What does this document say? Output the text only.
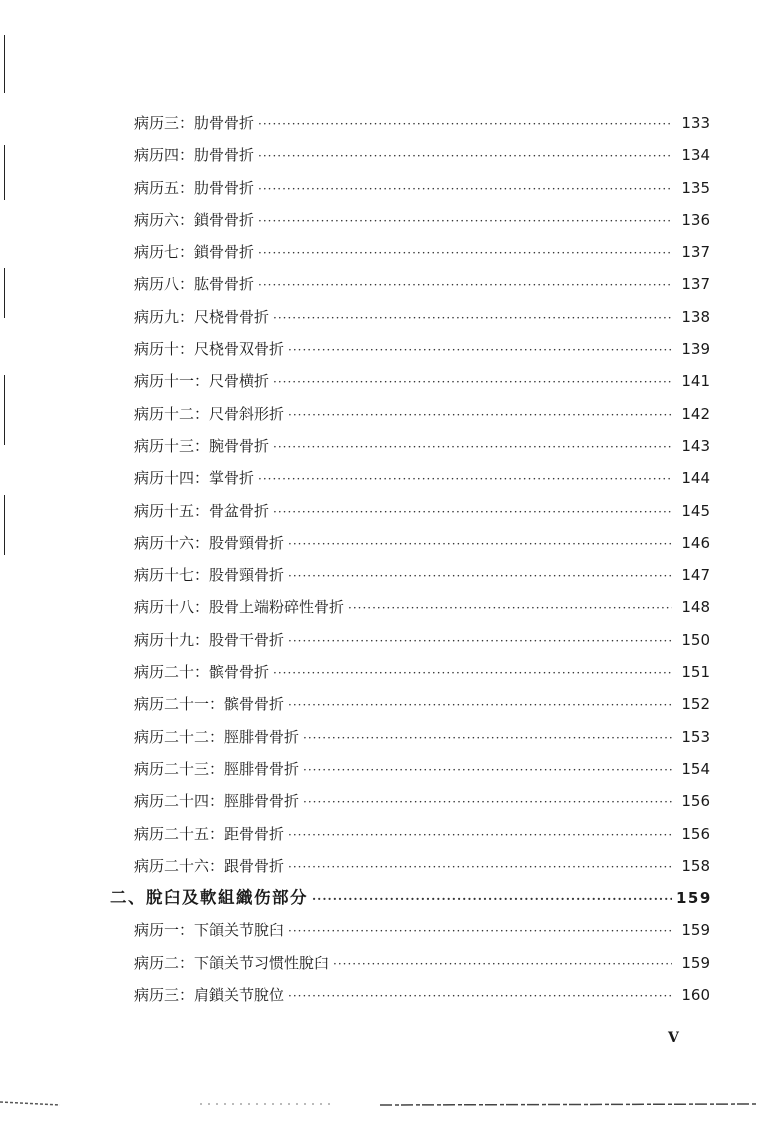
病历三：肋骨骨折 ·····	133
病历四：肋骨骨折 ·····	134
病历五：肋骨骨折 ·····	135
病历六：鎖骨骨折 ·····	136
病历七：鎖骨骨折 ·····	137
病历八：肱骨骨折 ·····	137
病历九：尺桡骨骨折 ·····	138
病历十：尺桡骨双骨折 ·····	139
病历十一：尺骨横折 ·····	141
病历十二：尺骨斜形折 ·····	142
病历十三：腕骨骨折 ·····	143
病历十四：掌骨折 ·····	144
病历十五：骨盆骨折 ·····	145
病历十六：股骨頸骨折 ·····	146
病历十七：股骨頸骨折 ·····	147
病历十八：股骨上端粉碎性骨折 ·····	148
病历十九：股骨干骨折 ·····	150
病历二十：髌骨骨折 ·····	151
病历二十一：髌骨骨折 ·····	152
病历二十二：脛腓骨骨折 ·····	153
病历二十三：脛腓骨骨折 ·····	154
病历二十四：脛腓骨骨折 ·····	156
病历二十五：距骨骨折 ·····	156
病历二十六：跟骨骨折 ·····	158
二、脫臼及軟組織伤部分 ·····	159
病历一：下頜关节脫臼 ·····	159
病历二：下頜关节习惯性脫臼 ·····	159
病历三：肩鎖关节脫位 ·····	160
V
